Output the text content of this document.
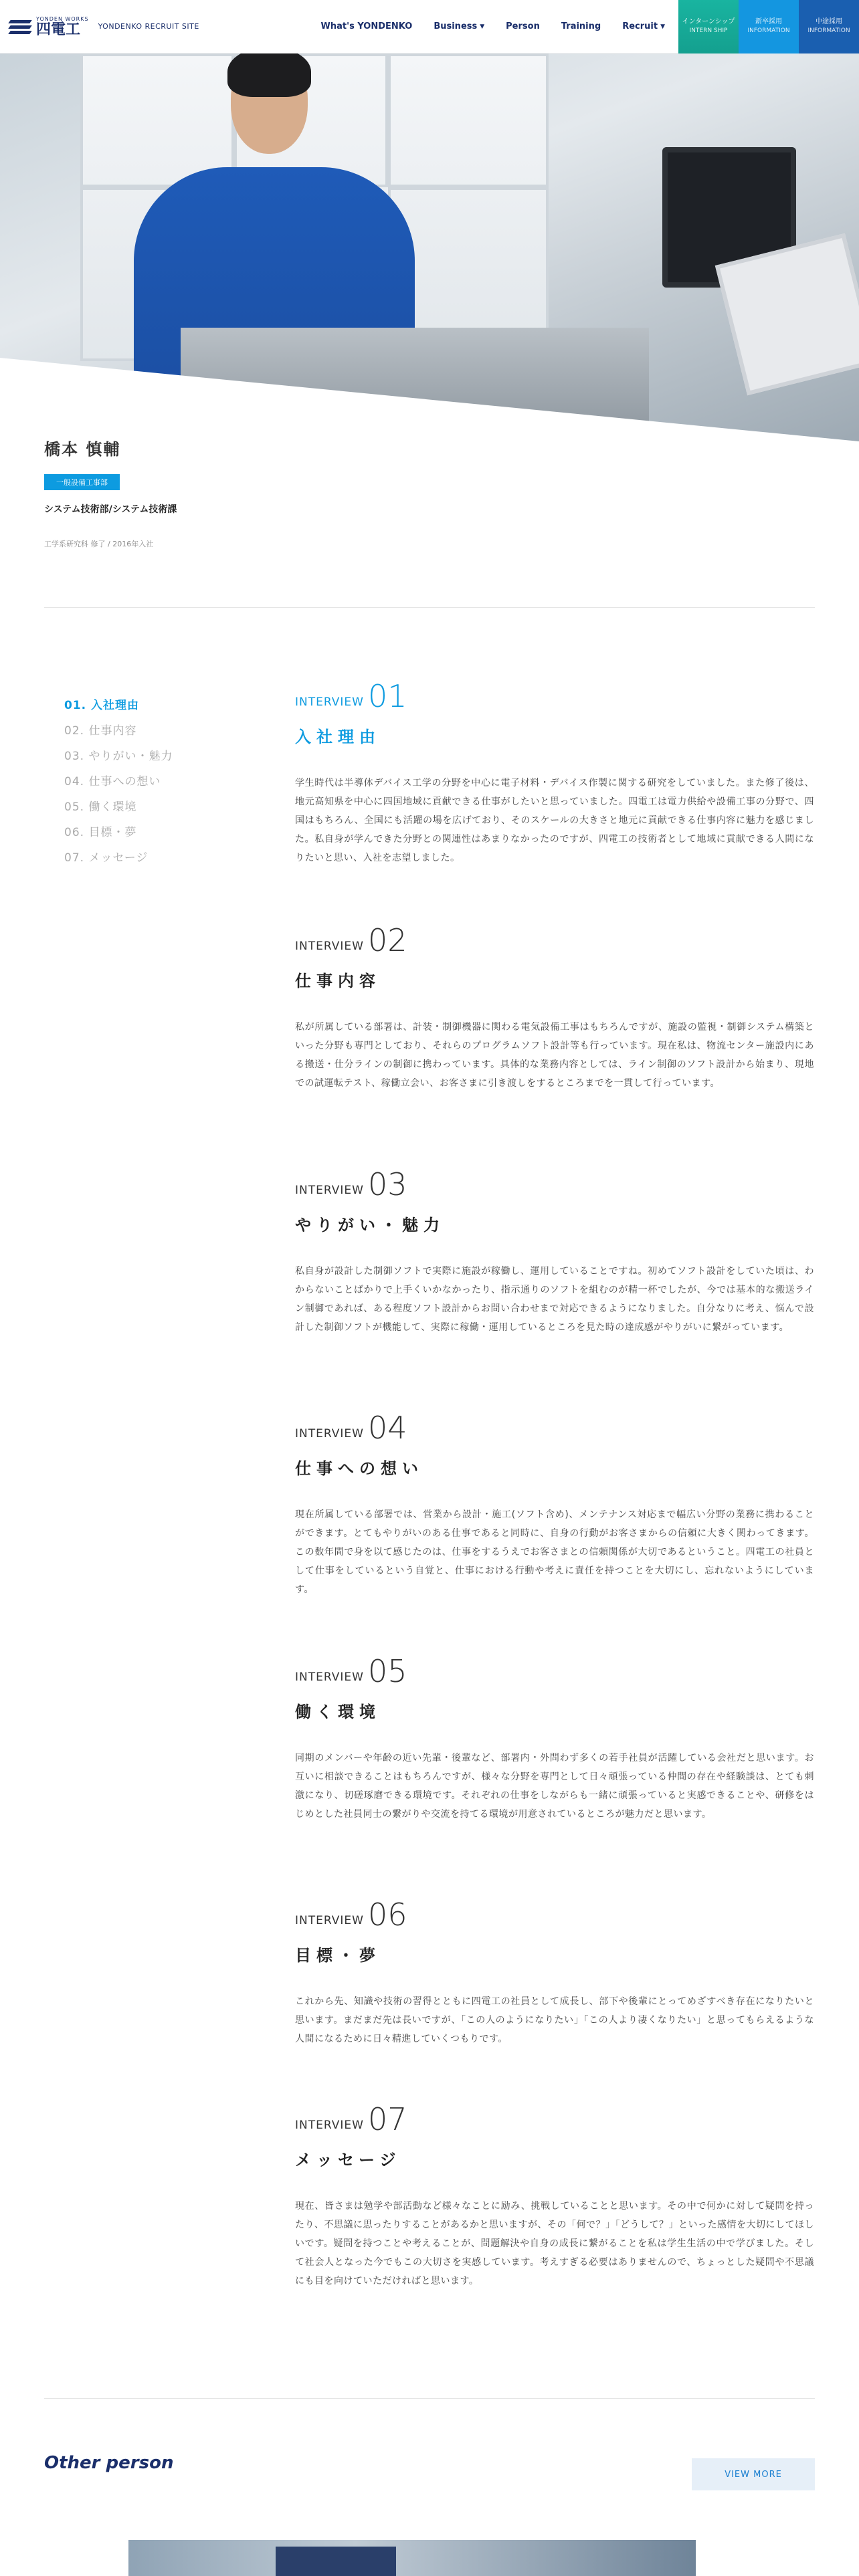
YONDEN WORKS
四電工	YONDENKO RECRUIT SITE	What's YONDENKO Business ▼ Person Training Recruit ▼
インターンシップ
INTERN SHIP
新卒採用
INFORMATION
中途採用
INFORMATION
橋本 慎輔
一般設備工事部
システム技術部/システム技術課
工学系研究科 修了 / 2016年入社
01. 入社理由
02. 仕事内容
03. やりがい・魅力
04. 仕事への想い
05. 働く環境
06. 目標・夢
07. メッセージ
INTERVIEW 01
入社理由

学生時代は半導体デバイス工学の分野を中心に電子材料・デバイス作製に関する研究をしていました。また修了後は、地元高知県を中心に四国地域に貢献できる仕事がしたいと思っていました。四電工は電力供給や設備工事の分野で、四国はもちろん、全国にも活躍の場を広げており、そのスケールの大きさと地元に貢献できる仕事内容に魅力を感じました。私自身が学んできた分野との関連性はあまりなかったのですが、四電工の技術者として地域に貢献できる人間になりたいと思い、入社を志望しました。

INTERVIEW 02
仕事内容

私が所属している部署は、計装・制御機器に関わる電気設備工事はもちろんですが、施設の監視・制御システム構築といった分野も専門としており、それらのプログラムソフト設計等も行っています。現在私は、物流センター施設内にある搬送・仕分ラインの制御に携わっています。具体的な業務内容としては、ライン制御のソフト設計から始まり、現地での試運転テスト、稼働立会い、お客さまに引き渡しをするところまでを一貫して行っています。

INTERVIEW 03
やりがい・魅力

私自身が設計した制御ソフトで実際に施設が稼働し、運用していることですね。初めてソフト設計をしていた頃は、わからないことばかりで上手くいかなかったり、指示通りのソフトを組むのが精一杯でしたが、今では基本的な搬送ライン制御であれば、ある程度ソフト設計からお問い合わせまで対応できるようになりました。自分なりに考え、悩んで設計した制御ソフトが機能して、実際に稼働・運用しているところを見た時の達成感がやりがいに繋がっています。

INTERVIEW 04
仕事への想い

現在所属している部署では、営業から設計・施工(ソフト含め)、メンテナンス対応まで幅広い分野の業務に携わることができます。とてもやりがいのある仕事であると同時に、自身の行動がお客さまからの信頼に大きく関わってきます。この数年間で身を以て感じたのは、仕事をするうえでお客さまとの信頼関係が大切であるということ。四電工の社員として仕事をしているという自覚と、仕事における行動や考えに責任を持つことを大切にし、忘れないようにしています。

INTERVIEW 05
働く環境

同期のメンバーや年齢の近い先輩・後輩など、部署内・外問わず多くの若手社員が活躍している会社だと思います。お互いに相談できることはもちろんですが、様々な分野を専門として日々頑張っている仲間の存在や経験談は、とても刺激になり、切磋琢磨できる環境です。それぞれの仕事をしながらも一緒に頑張っていると実感できることや、研修をはじめとした社員同士の繋がりや交流を持てる環境が用意されているところが魅力だと思います。

INTERVIEW 06
目標・夢

これから先、知識や技術の習得とともに四電工の社員として成長し、部下や後輩にとってめざすべき存在になりたいと思います。まだまだ先は長いですが、「この人のようになりたい」「この人より凄くなりたい」と思ってもらえるような人間になるために日々精進していくつもりです。

INTERVIEW 07
メッセージ

現在、皆さまは勉学や部活動など様々なことに励み、挑戦していることと思います。その中で何かに対して疑問を持ったり、不思議に思ったりすることがあるかと思いますが、その「何で？」「どうして？」といった感情を大切にしてほしいです。疑問を持つことや考えることが、問題解決や自身の成長に繋がることを私は学生生活の中で学びました。そして社会人となった今でもこの大切さを実感しています。考えすぎる必要はありませんので、ちょっとした疑問や不思議にも目を向けていただければと思います。

Other person
VIEW MORE
